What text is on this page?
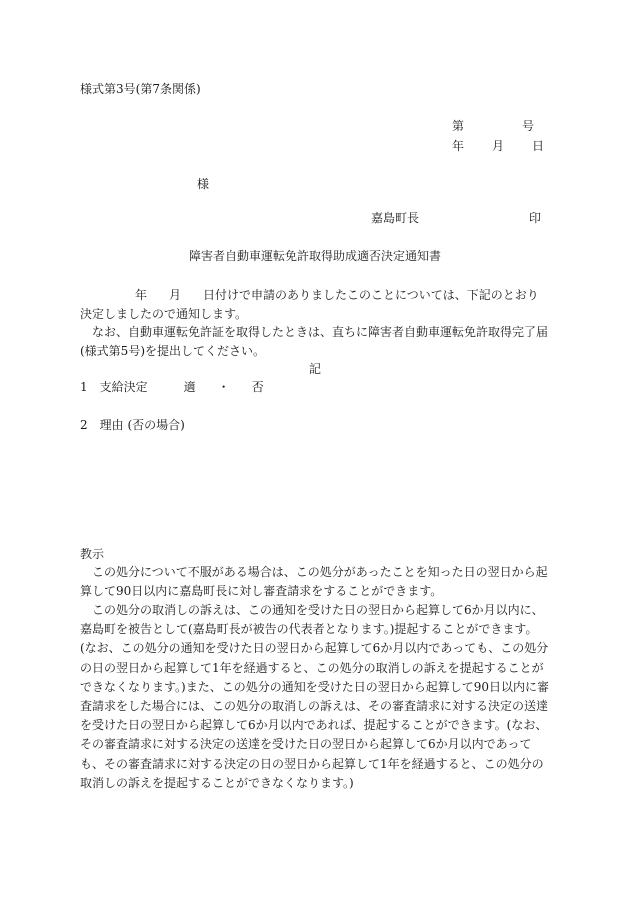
様式第3号(第7条関係)
第	号
年 月 日
様
嘉島町長	印
障害者自動車運転免許取得助成適否決定通知書
年 月 日付けで申請のありましたこのことについては、下記のとおり決定しましたので通知します。
なお、自動車運転免許証を取得したときは、直ちに障害者自動車運転免許取得完了届(様式第5号)を提出してください。
記
1 支給決定	適 ・ 否
2 理由 (否の場合)
教示
この処分について不服がある場合は、この処分があったことを知った日の翌日から起算して90日以内に嘉島町長に対し審査請求をすることができます。
この処分の取消しの訴えは、この通知を受けた日の翌日から起算して6か月以内に、嘉島町を被告として(嘉島町長が被告の代表者となります。)提起することができます。(なお、この処分の通知を受けた日の翌日から起算して6か月以内であっても、この処分の日の翌日から起算して1年を経過すると、この処分の取消しの訴えを提起することができなくなります。)また、この処分の通知を受けた日の翌日から起算して90日以内に審査請求をした場合には、この処分の取消しの訴えは、その審査請求に対する決定の送達を受けた日の翌日から起算して6か月以内であれば、提起することができます。(なお、その審査請求に対する決定の送達を受けた日の翌日から起算して6か月以内であっても、その審査請求に対する決定の日の翌日から起算して1年を経過すると、この処分の取消しの訴えを提起することができなくなります。)
